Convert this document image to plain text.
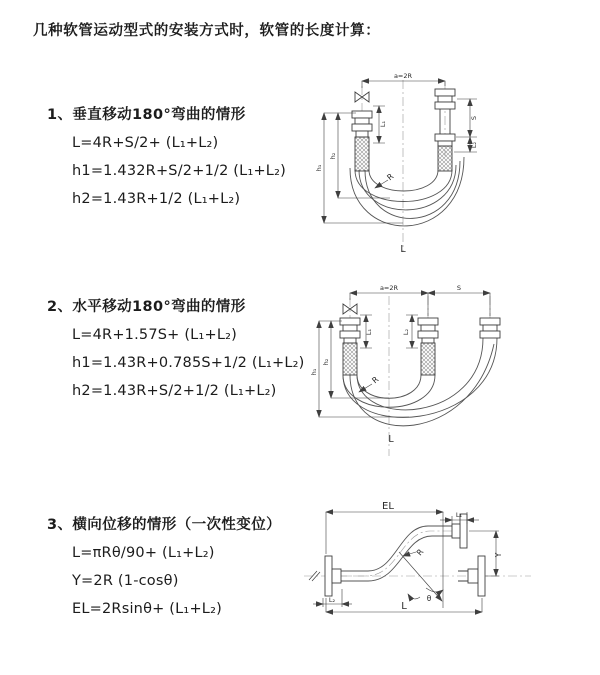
几种软管运动型式的安装方式时，软管的长度计算：
1、垂直移动180°弯曲的情形
L=4R+S/2+ (L₁+L₂)
h1=1.432R+S/2+1/2 (L₁+L₂)
h2=1.43R+1/2 (L₁+L₂)
2、水平移动180°弯曲的情形
L=4R+1.57S+ (L₁+L₂)
h1=1.43R+0.785S+1/2 (L₁+L₂)
h2=1.43R+S/2+1/2 (L₁+L₂)
3、横向位移的情形（一次性变位）
L=πRθ/90+ (L₁+L₂)
Y=2R (1-cosθ)
EL=2Rsinθ+ (L₁+L₂)
a=2R
h₁
h₂
L₁
S
L₂
R
L
a=2R	S
h₁
h₂
L₁	L₂
R
L
EL
L₁
Y
R
θ
L
L₂
